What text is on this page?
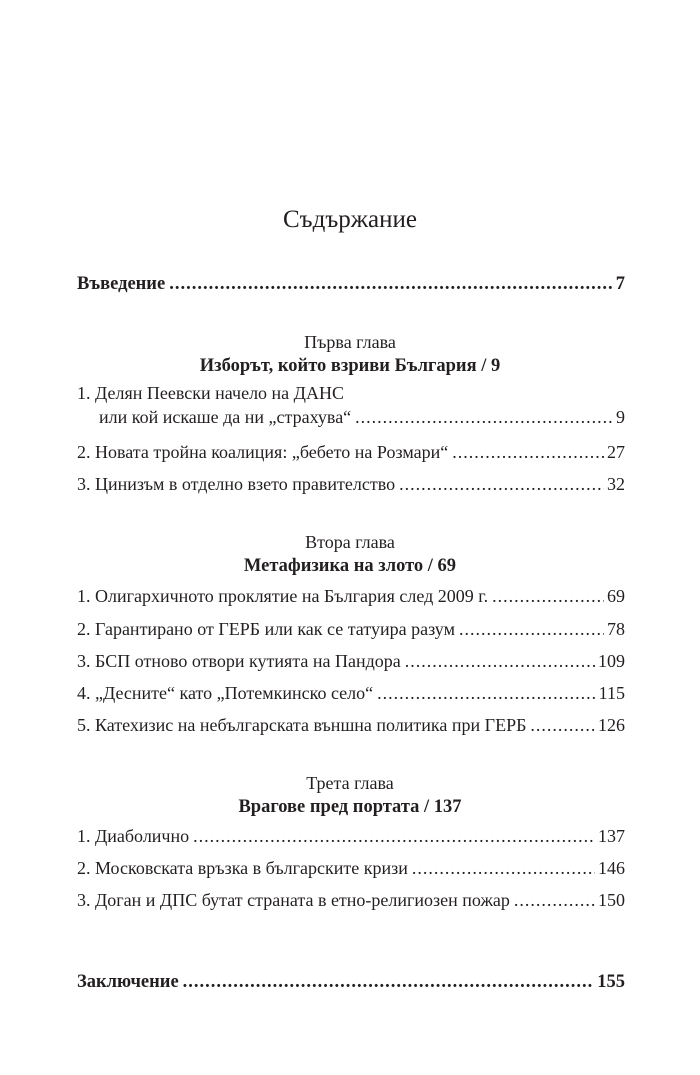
Съдържание
Въведение .....	7
Първа глава
Изборът, който взриви България / 9
1. Делян Пеевски начело на ДАНС
или кой искаше да ни „страхува“ .....	9
2. Новата тройна коалиция: „бебето на Розмари“ .....	27
3. Цинизъм в отделно взето правителство .....	32
Втора глава
Метафизика на злото / 69
1. Олигархичното проклятие на България след 2009 г. .....	69
2. Гарантирано от ГЕРБ или как се татуира разум .....	78
3. БСП отново отвори кутията на Пандора .....	109
4. „Десните“ като „Потемкинско село“ .....	115
5. Катехизис на небългарската външна политика при ГЕРБ .....	126
Трета глава
Врагове пред портата / 137
1. Диаболично .....	137
2. Московската връзка в българските кризи .....	146
3. Доган и ДПС бутат страната в етно-религиозен пожар .....	150
Заключение .....	155
